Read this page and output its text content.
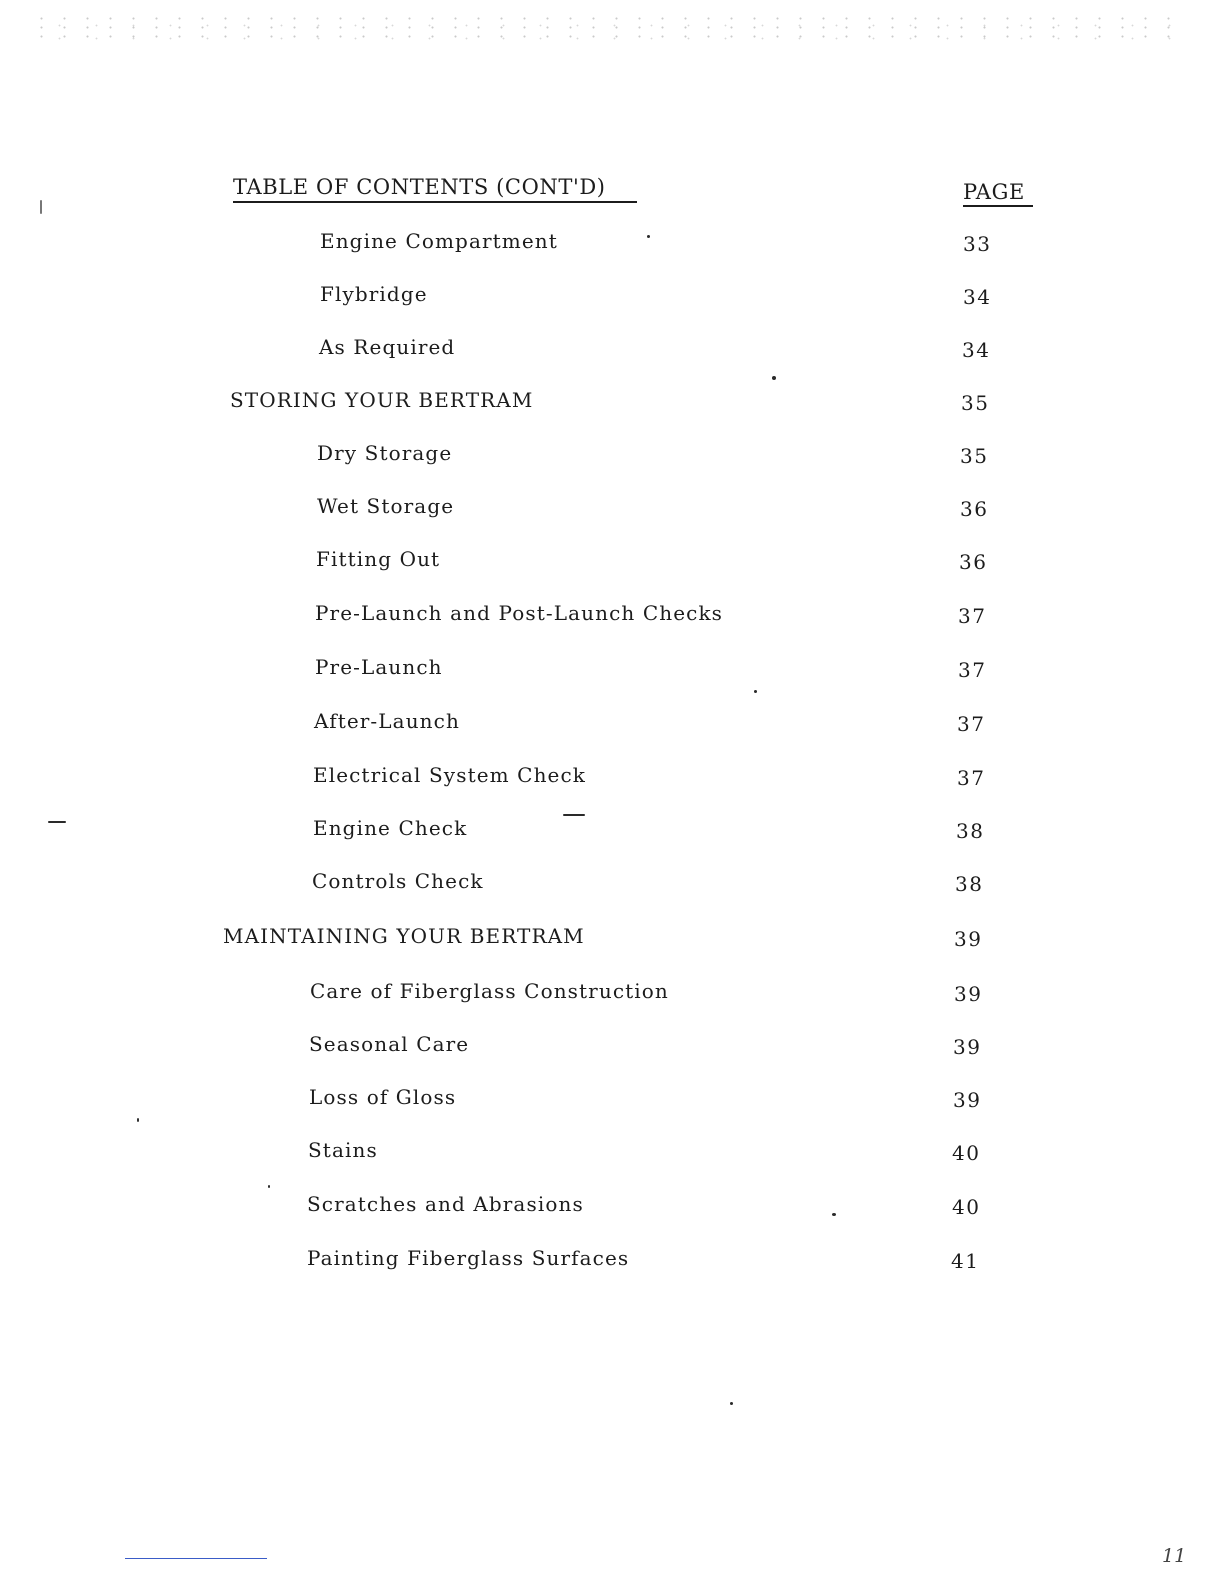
TABLE OF CONTENTS (CONT'D)	PAGE
Engine Compartment	33
Flybridge	34
As Required	34
STORING YOUR BERTRAM	35
Dry Storage	35
Wet Storage	36
Fitting Out	36
Pre-Launch and Post-Launch Checks	37
Pre-Launch	37
After-Launch	37
Electrical System Check	37
Engine Check	38
Controls Check	38
MAINTAINING YOUR BERTRAM	39
Care of Fiberglass Construction	39
Seasonal Care	39
Loss of Gloss	39
Stains	40
Scratches and Abrasions	40
Painting Fiberglass Surfaces	41
11
